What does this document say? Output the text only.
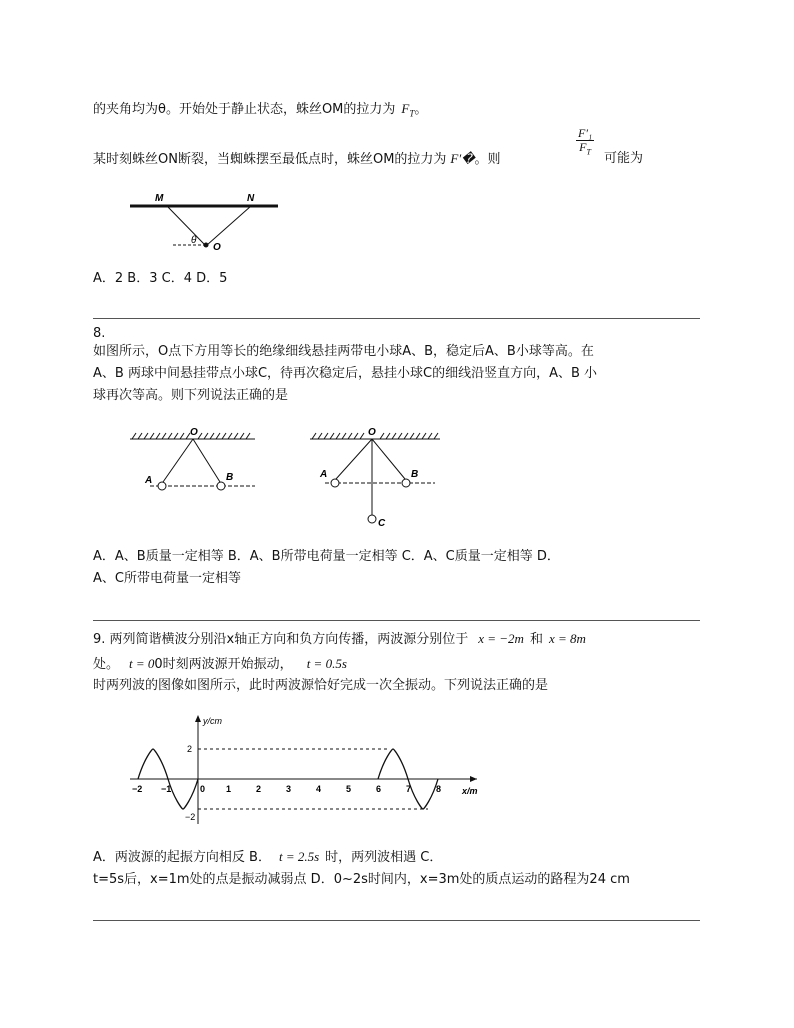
的夹角均为θ。开始处于静止状态，蛛丝OM的拉力为 $F_T$。
某时刻蛛丝ON断裂，当蜘蛛摆至最低点时，蛛丝OM的拉力为 F′�。则
$\frac{\text{F′₁}}{F_T}$
可能为
M	N
θ
O
A．2 B．3 C．4 D．5
8.
如图所示，O点下方用等长的绝缘细线悬挂两带电小球A、B，稳定后A、B小球等高。在
A、B 两球中间悬挂带点小球C，待再次稳定后，悬挂小球C的细线沿竖直方向，A、B 小
球再次等高。则下列说法正确的是
O
A	B
O
A	B
C
A．A、B质量一定相等 B．A、B所带电荷量一定相等 C．A、C质量一定相等 D．
A、C所带电荷量一定相等
9. 两列简谐横波分别沿x轴正方向和负方向传播，两波源分别位于 x = −2m 和 x = 8m
处。 t = 00时刻两波源开始振动， t = 0.5s
时两列波的图像如图所示，此时两波源恰好完成一次全振动。下列说法正确的是
y/cm
x/m
2
−2
−2 −1	0 1	2	3	4	5	6	7	8
A．两波源的起振方向相反 B． t = 2.5s 时，两列波相遇 C．
t=5s后，x=1m处的点是振动减弱点 D．0~2s时间内，x=3m处的质点运动的路程为24 cm
